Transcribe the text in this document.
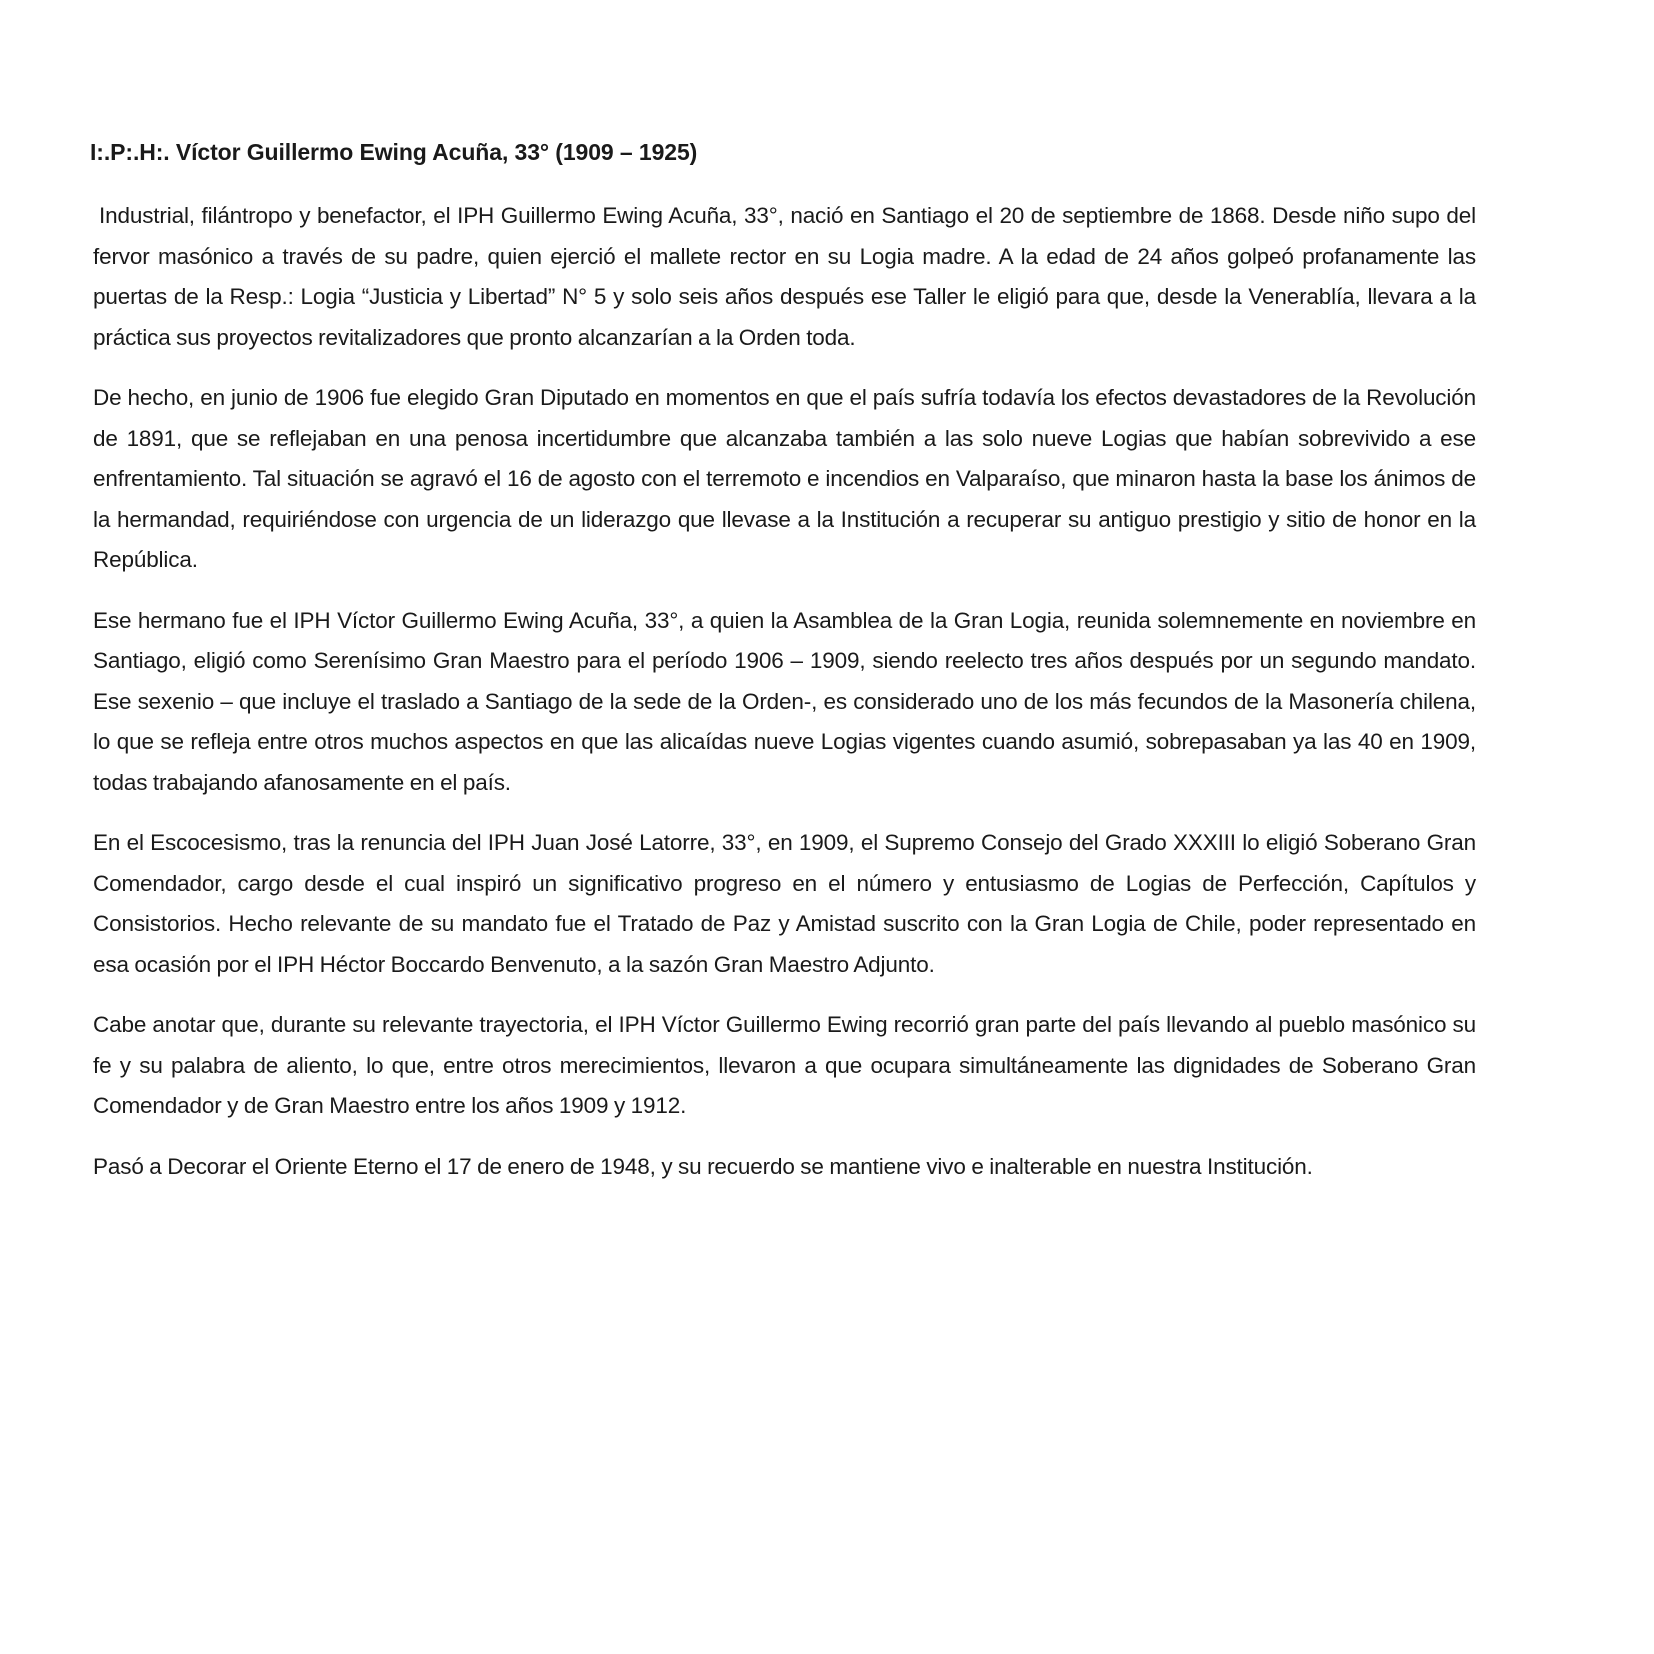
I:.P:.H:. Víctor Guillermo Ewing Acuña, 33° (1909 – 1925)

Industrial, filántropo y benefactor, el IPH Guillermo Ewing Acuña, 33°, nació en Santiago el 20 de septiembre de 1868. Desde niño supo del fervor masónico a través de su padre, quien ejerció el mallete rector en su Logia madre. A la edad de 24 años golpeó profanamente las puertas de la Resp.: Logia “Justicia y Libertad” N° 5 y solo seis años después ese Taller le eligió para que, desde la Venerablía, llevara a la práctica sus proyectos revitalizadores que pronto alcanzarían a la Orden toda.

De hecho, en junio de 1906 fue elegido Gran Diputado en momentos en que el país sufría todavía los efectos devastadores de la Revolución de 1891, que se reflejaban en una penosa incertidumbre que alcanzaba también a las solo nueve Logias que habían sobrevivido a ese enfrentamiento. Tal situación se agravó el 16 de agosto con el terremoto e incendios en Valparaíso, que minaron hasta la base los ánimos de la hermandad, requiriéndose con urgencia de un liderazgo que llevase a la Institución a recuperar su antiguo prestigio y sitio de honor en la República.

Ese hermano fue el IPH Víctor Guillermo Ewing Acuña, 33°, a quien la Asamblea de la Gran Logia, reunida solemnemente en noviembre en Santiago, eligió como Serenísimo Gran Maestro para el período 1906 – 1909, siendo reelecto tres años después por un segundo mandato. Ese sexenio – que incluye el traslado a Santiago de la sede de la Orden-, es considerado uno de los más fecundos de la Masonería chilena, lo que se refleja entre otros muchos aspectos en que las alicaídas nueve Logias vigentes cuando asumió, sobrepasaban ya las 40 en 1909, todas trabajando afanosamente en el país.

En el Escocesismo, tras la renuncia del IPH Juan José Latorre, 33°, en 1909, el Supremo Consejo del Grado XXXIII lo eligió Soberano Gran Comendador, cargo desde el cual inspiró un significativo progreso en el número y entusiasmo de Logias de Perfección, Capítulos y Consistorios. Hecho relevante de su mandato fue el Tratado de Paz y Amistad suscrito con la Gran Logia de Chile, poder representado en esa ocasión por el IPH Héctor Boccardo Benvenuto, a la sazón Gran Maestro Adjunto.

Cabe anotar que, durante su relevante trayectoria, el IPH Víctor Guillermo Ewing recorrió gran parte del país llevando al pueblo masónico su fe y su palabra de aliento, lo que, entre otros merecimientos, llevaron a que ocupara simultáneamente las dignidades de Soberano Gran Comendador y de Gran Maestro entre los años 1909 y 1912.

Pasó a Decorar el Oriente Eterno el 17 de enero de 1948, y su recuerdo se mantiene vivo e inalterable en nuestra Institución.
